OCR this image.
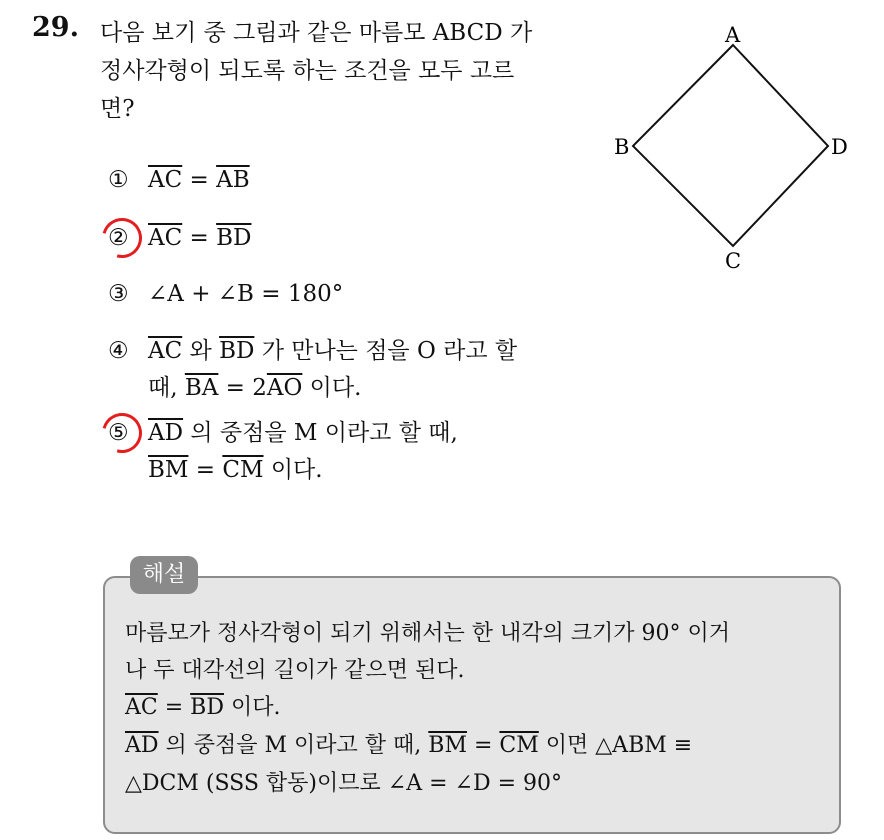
29. 다음 보기 중 그림과 같은 마름모 ABCD 가
정사각형이 되도록 하는 조건을 모두 고르
면?
A
B
C
D
① $\overline{AC} = \overline{AB}$
② $\overline{AC} = \overline{BD}$
③ ∠A + ∠B = 180°
④ $\overline{AC}$ 와 $\overline{BD}$ 가 만나는 점을 O 라고 할
때, $\overline{BA} = 2\overline{AO}$ 이다.
⑤ $\overline{AD}$ 의 중점을 M 이라고 할 때,
$\overline{BM} = \overline{CM}$ 이다.
해설
마름모가 정사각형이 되기 위해서는 한 내각의 크기가 90° 이거
나 두 대각선의 길이가 같으면 된다.
$\overline{AC} = \overline{BD}$ 이다.
$\overline{AD}$ 의 중점을 M 이라고 할 때, $\overline{BM} = \overline{CM}$ 이면 △ABM ≡
△DCM (SSS 합동)이므로 ∠A = ∠D = 90°
